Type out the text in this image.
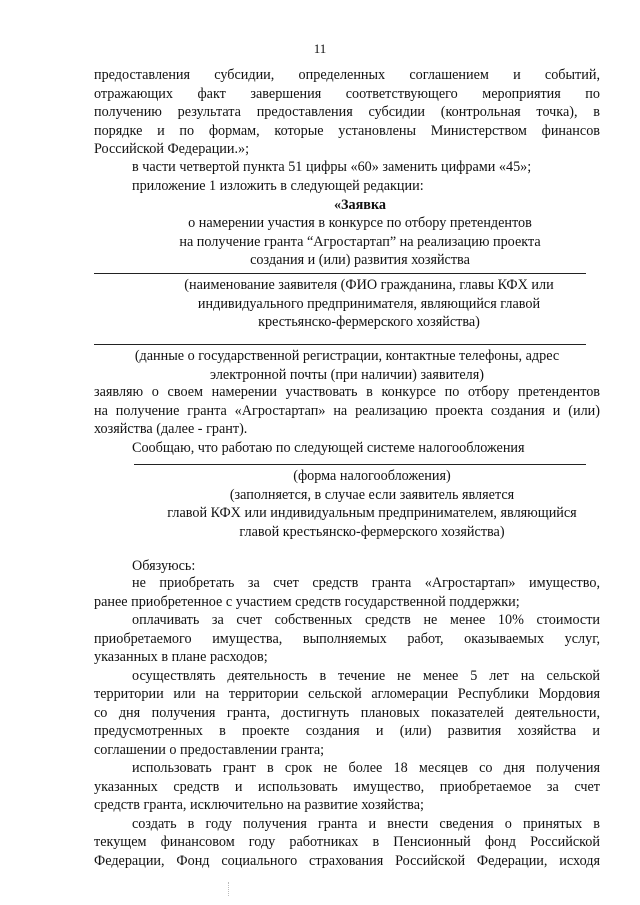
11
предоставления субсидии, определенных соглашением и событий,
отражающих факт завершения соответствующего мероприятия по
получению результата предоставления субсидии (контрольная точка), в
порядке и по формам, которые установлены Министерством финансов
Российской Федерации.»;
в части четвертой пункта 51 цифры «60» заменить цифрами «45»;
приложение 1 изложить в следующей редакции:
«Заявка
о намерении участия в конкурсе по отбору претендентов
на получение гранта “Агростартап” на реализацию проекта
создания и (или) развития хозяйства
(наименование заявителя (ФИО гражданина, главы КФХ или
индивидуального предпринимателя, являющийся главой
крестьянско-фермерского хозяйства)
(данные о государственной регистрации, контактные телефоны, адрес
электронной почты (при наличии) заявителя)
заявляю о своем намерении участвовать в конкурсе по отбору претендентов
на получение гранта «Агростартап» на реализацию проекта создания и (или)
хозяйства (далее - грант).
Сообщаю, что работаю по следующей системе налогообложения
(форма налогообложения)
(заполняется, в случае если заявитель является
главой КФХ или индивидуальным предпринимателем, являющийся
главой крестьянско-фермерского хозяйства)
Обязуюсь:
не приобретать за счет средств гранта «Агростартап» имущество,
ранее приобретенное с участием средств государственной поддержки;
оплачивать за счет собственных средств не менее 10% стоимости
приобретаемого имущества, выполняемых работ, оказываемых услуг,
указанных в плане расходов;
осуществлять деятельность в течение не менее 5 лет на сельской
территории или на территории сельской агломерации Республики Мордовия
со дня получения гранта, достигнуть плановых показателей деятельности,
предусмотренных в проекте создания и (или) развития хозяйства и
соглашении о предоставлении гранта;
использовать грант в срок не более 18 месяцев со дня получения
указанных средств и использовать имущество, приобретаемое за счет
средств гранта, исключительно на развитие хозяйства;
создать в году получения гранта и внести сведения о принятых в
текущем финансовом году работниках в Пенсионный фонд Российской
Федерации, Фонд социального страхования Российской Федерации, исходя
